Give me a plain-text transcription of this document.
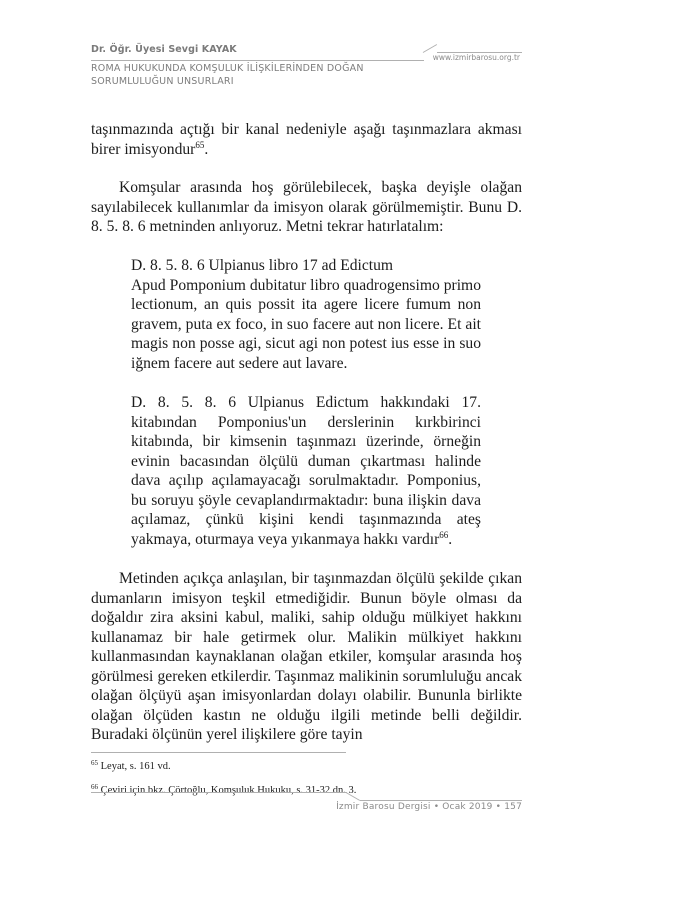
Dr. Öğr. Üyesi Sevgi KAYAK
www.izmirbarosu.org.tr
ROMA HUKUKUNDA KOMŞULUK İLİŞKİLERİNDEN DOĞAN
SORUMLULUĞUN UNSURLARI

taşınmazında açtığı bir kanal nedeniyle aşağı taşınmazlara akması birer imisyondur$^{65}$.

Komşular arasında hoş görülebilecek, başka deyişle olağan sayılabilecek kullanımlar da imisyon olarak görülmemiştir. Bunu D. 8. 5. 8. 6 metninden anlıyoruz. Metni tekrar hatırlatalım:

D. 8. 5. 8. 6 Ulpianus libro 17 ad Edictum

Apud Pomponium dubitatur libro quadrogensimo primo lectionum, an quis possit ita agere licere fumum non gravem, puta ex foco, in suo facere aut non licere. Et ait magis non posse agi, sicut agi non potest ius esse in suo iğnem facere aut sedere aut lavare.

D. 8. 5. 8. 6 Ulpianus Edictum hakkındaki 17. kitabından Pomponius'un derslerinin kırkbirinci kitabında, bir kimsenin taşınmazı üzerinde, örneğin evinin bacasından ölçülü duman çıkartması halinde dava açılıp açılamayacağı sorulmaktadır. Pomponius, bu soruyu şöyle cevaplandırmaktadır: buna ilişkin dava açılamaz, çünkü kişini kendi taşınmazında ateş yakmaya, oturmaya veya yıkanmaya hakkı vardır$^{66}$.

Metinden açıkça anlaşılan, bir taşınmazdan ölçülü şekilde çıkan dumanların imisyon teşkil etmediğidir. Bunun böyle olması da doğaldır zira aksini kabul, maliki, sahip olduğu mülkiyet hakkını kullanamaz bir hale getirmek olur. Malikin mülkiyet hakkını kullanmasından kaynaklanan olağan etkiler, komşular arasında hoş görülmesi gereken etkilerdir. Taşınmaz malikinin sorumluluğu ancak olağan ölçüyü aşan imisyonlardan dolayı olabilir. Bununla birlikte olağan ölçüden kastın ne olduğu ilgili metinde belli değildir. Buradaki ölçünün yerel ilişkilere göre tayin

$^{65}$ Leyat, s. 161 vd.

$^{66}$ Çeviri için bkz. Çörtoğlu, Komşuluk Hukuku, s. 31-32 dn. 3.

İzmir Barosu Dergisi • Ocak 2019 • 157
